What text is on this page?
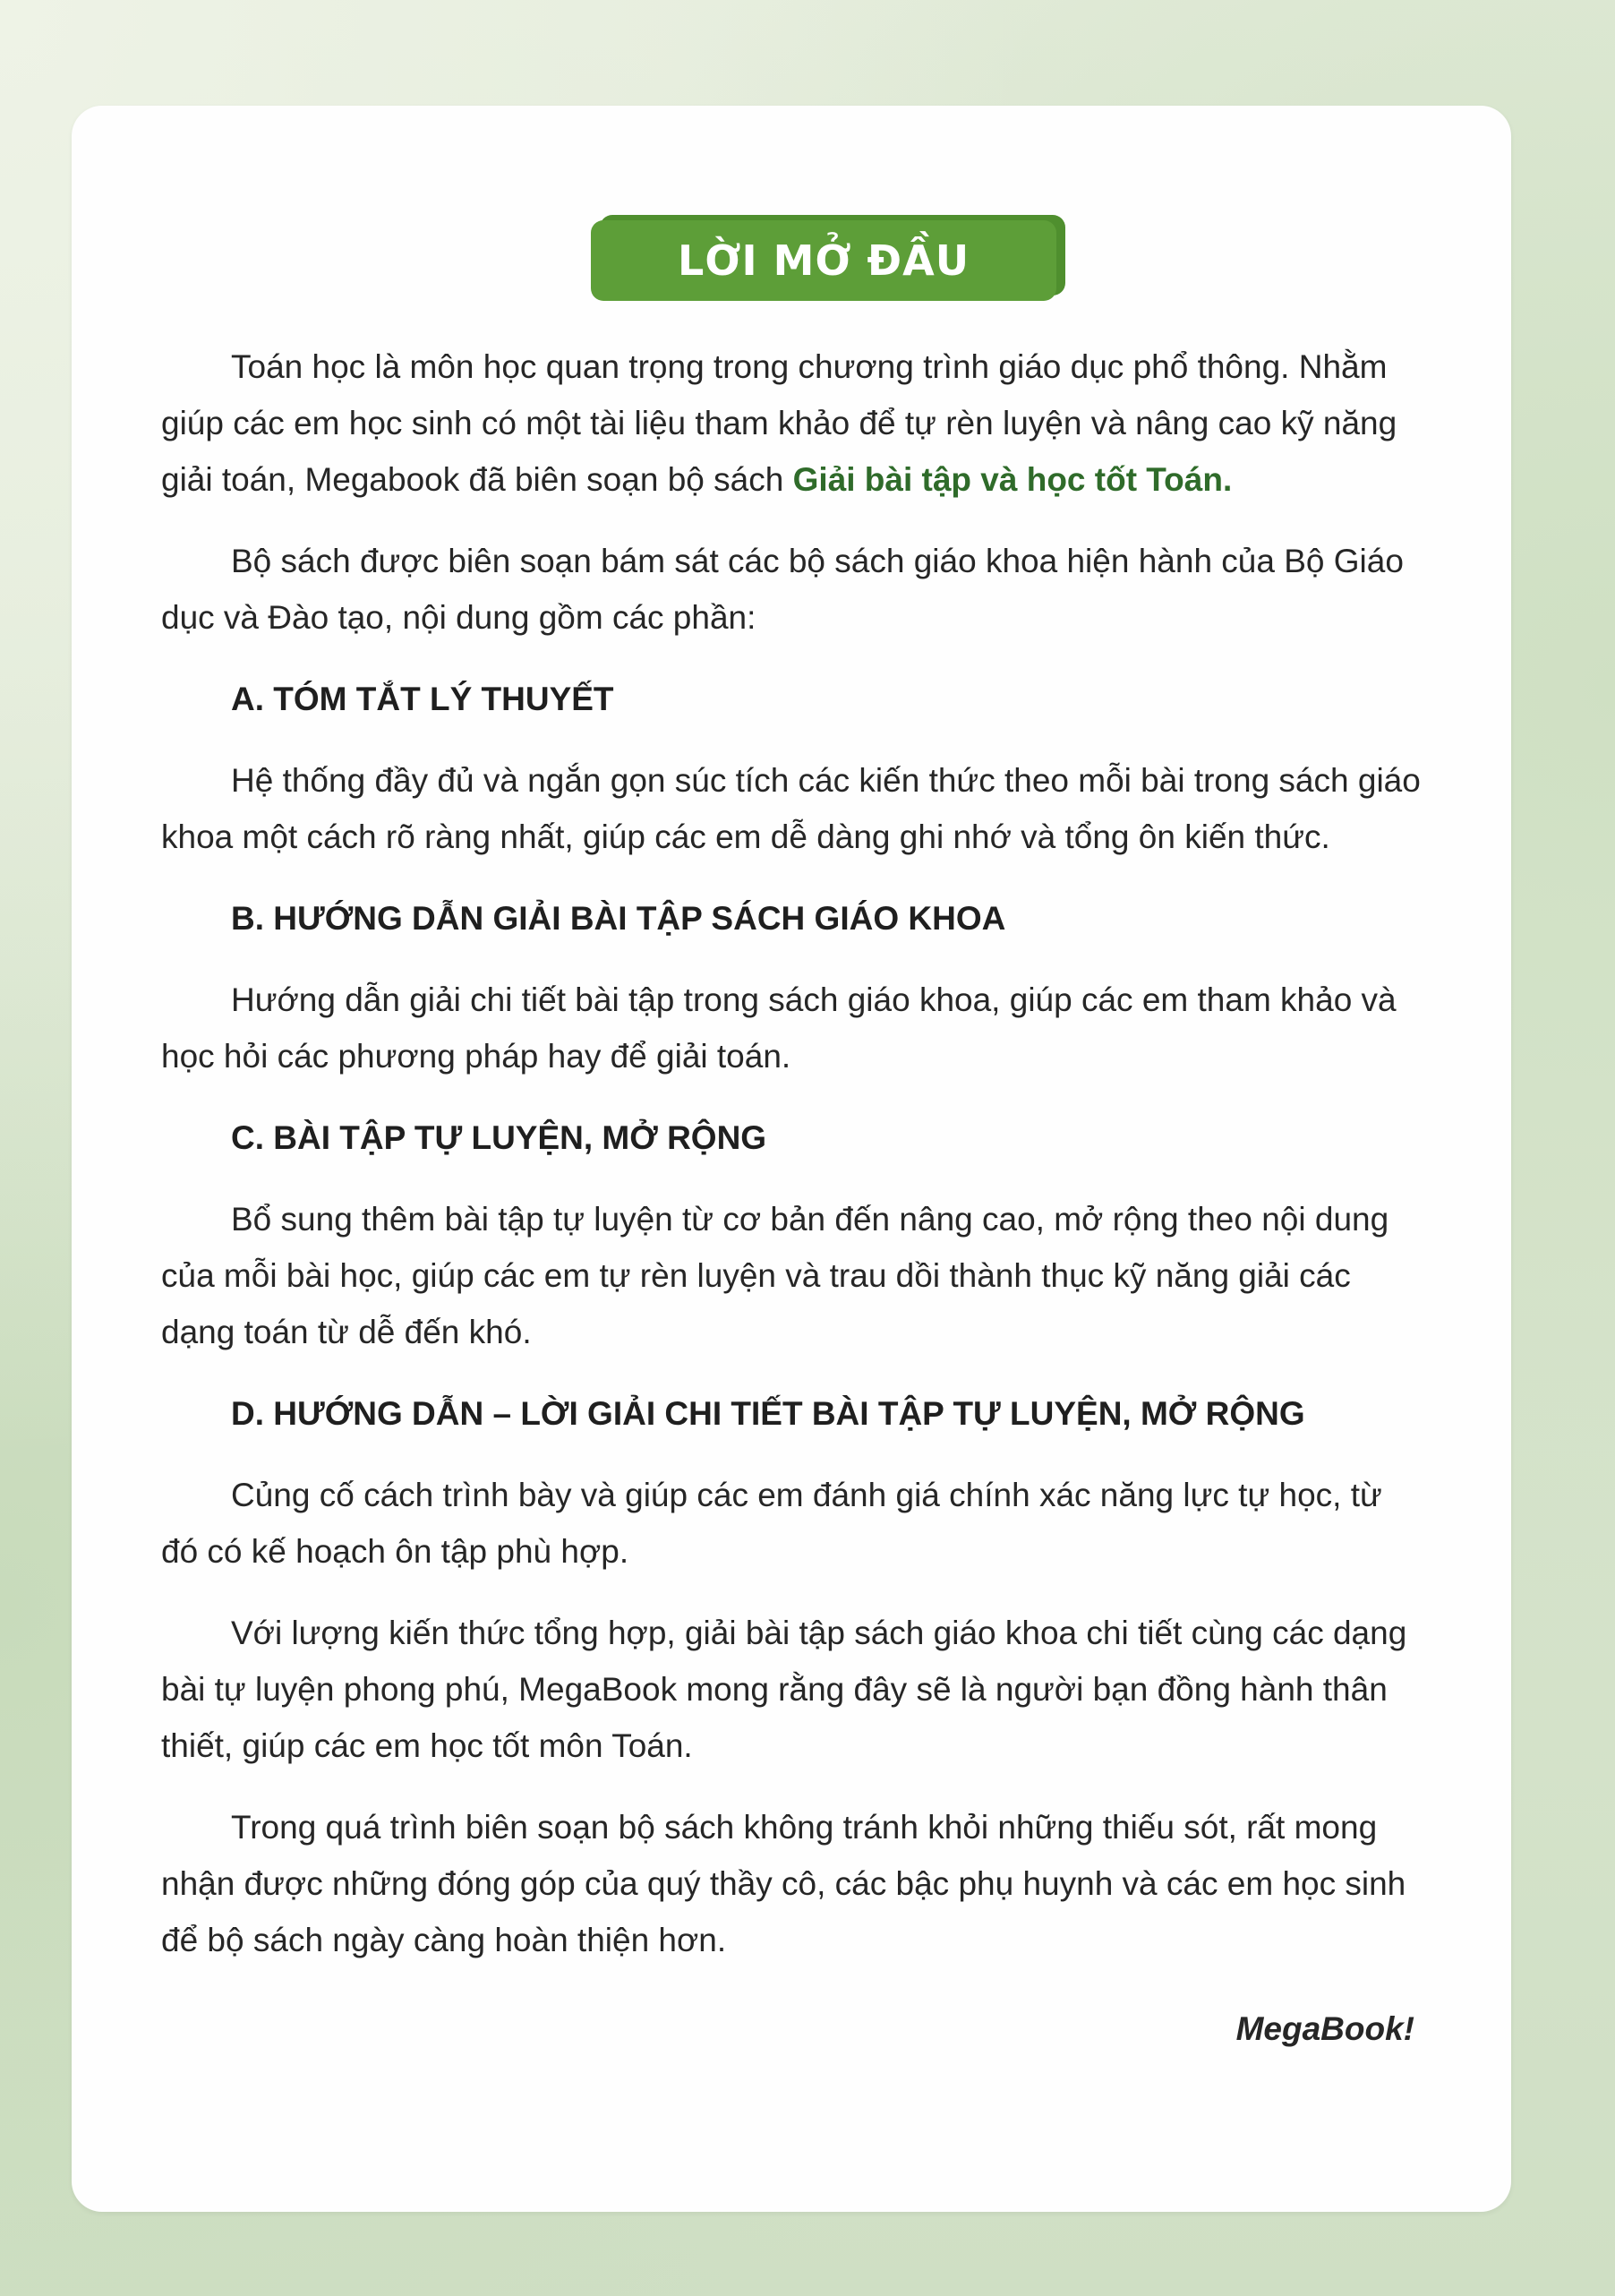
LỜI MỞ ĐẦU

Toán học là môn học quan trọng trong chương trình giáo dục phổ thông. Nhằm giúp các em học sinh có một tài liệu tham khảo để tự rèn luyện và nâng cao kỹ năng giải toán, Megabook đã biên soạn bộ sách Giải bài tập và học tốt Toán.

Bộ sách được biên soạn bám sát các bộ sách giáo khoa hiện hành của Bộ Giáo dục và Đào tạo, nội dung gồm các phần:

A. TÓM TẮT LÝ THUYẾT

Hệ thống đầy đủ và ngắn gọn súc tích các kiến thức theo mỗi bài trong sách giáo khoa một cách rõ ràng nhất, giúp các em dễ dàng ghi nhớ và tổng ôn kiến thức.

B. HƯỚNG DẪN GIẢI BÀI TẬP SÁCH GIÁO KHOA

Hướng dẫn giải chi tiết bài tập trong sách giáo khoa, giúp các em tham khảo và học hỏi các phương pháp hay để giải toán.

C. BÀI TẬP TỰ LUYỆN, MỞ RỘNG

Bổ sung thêm bài tập tự luyện từ cơ bản đến nâng cao, mở rộng theo nội dung của mỗi bài học, giúp các em tự rèn luyện và trau dồi thành thục kỹ năng giải các dạng toán từ dễ đến khó.

D. HƯỚNG DẪN – LỜI GIẢI CHI TIẾT BÀI TẬP TỰ LUYỆN, MỞ RỘNG

Củng cố cách trình bày và giúp các em đánh giá chính xác năng lực tự học, từ đó có kế hoạch ôn tập phù hợp.

Với lượng kiến thức tổng hợp, giải bài tập sách giáo khoa chi tiết cùng các dạng bài tự luyện phong phú, MegaBook mong rằng đây sẽ là người bạn đồng hành thân thiết, giúp các em học tốt môn Toán.

Trong quá trình biên soạn bộ sách không tránh khỏi những thiếu sót, rất mong nhận được những đóng góp của quý thầy cô, các bậc phụ huynh và các em học sinh để bộ sách ngày càng hoàn thiện hơn.

MegaBook!
